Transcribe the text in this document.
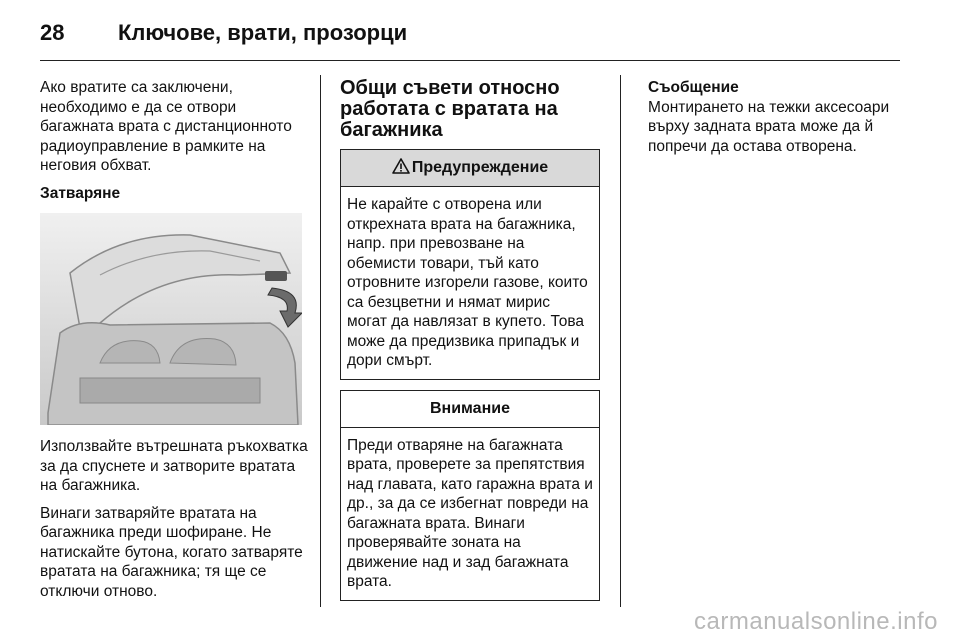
28 Ключове, врати, прозорци

Ако вратите са заключени, необходимо е да се отвори багажната врата с дистанционното радиоуправление в рамките на неговия обхват.

Затваряне

Използвайте вътрешната ръкохватка за да спуснете и затворите вратата на багажника.

Винаги затваряйте вратата на багажника преди шофиране. Не натискайте бутона, когато затваряте вратата на багажника; тя ще се отключи отново.

Общи съвети относно работата с вратата на багажника
Предупреждение
Не карайте с отворена или открехната врата на багажника, напр. при превозване на обемисти товари, тъй като отровните изгорели газове, които са безцветни и нямат мирис могат да навлязат в купето. Това може да предизвика припадък и дори смърт.
Внимание
Преди отваряне на багажната врата, проверете за препятствия над главата, като гаражна врата и др., за да се избегнат повреди на багажната врата. Винаги проверявайте зоната на движение над и зад багажната врата.
Съобщение
Монтирането на тежки аксесоари върху задната врата може да й попречи да остава отворена.
carmanualsonline.info
